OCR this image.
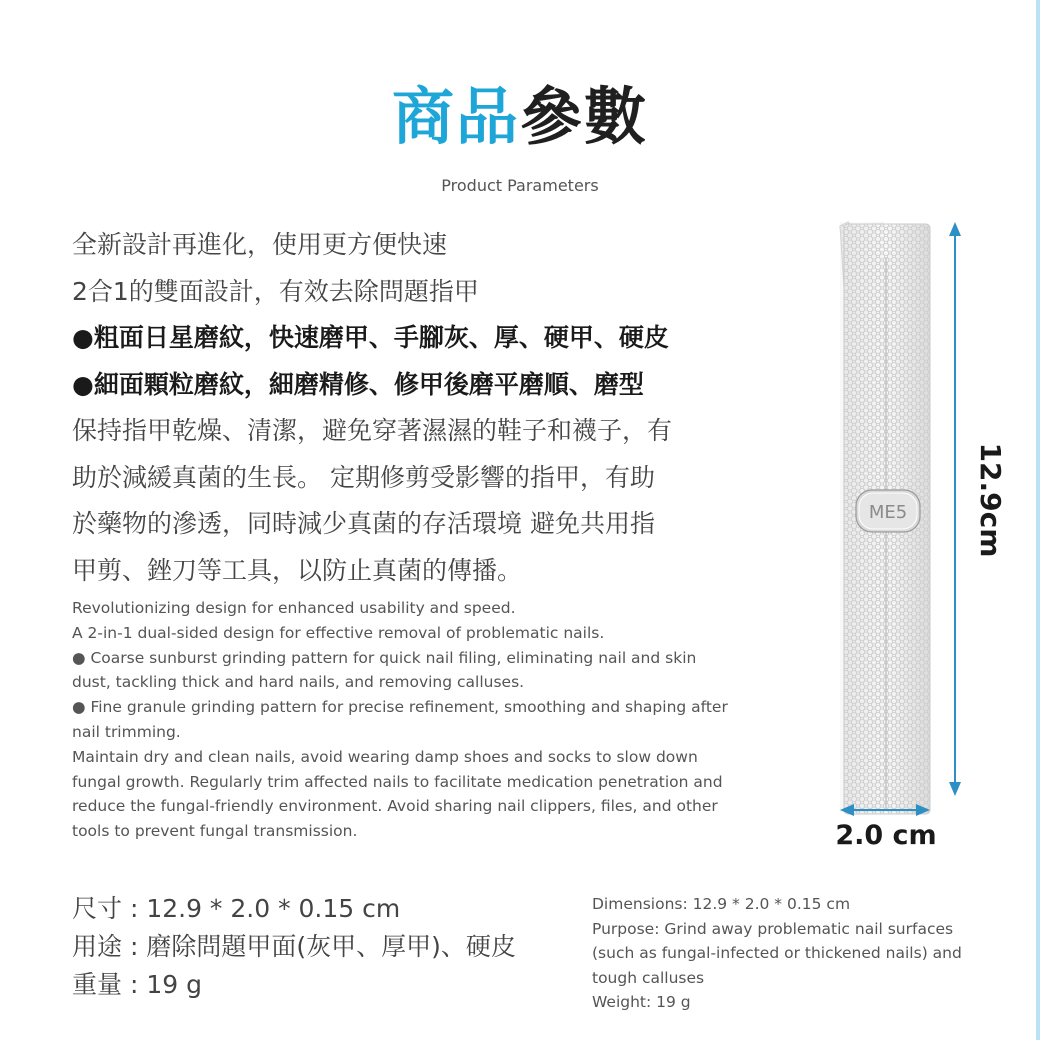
商品參數
Product Parameters
全新設計再進化，使用更方便快速
2合1的雙面設計，有效去除問題指甲
●粗面日星磨紋，快速磨甲、手腳灰、厚、硬甲、硬皮
●細面顆粒磨紋，細磨精修、修甲後磨平磨順、磨型
保持指甲乾燥、清潔，避免穿著濕濕的鞋子和襪子，有
助於減緩真菌的生長。 定期修剪受影響的指甲，有助
於藥物的滲透，同時減少真菌的存活環境 避免共用指
甲剪、銼刀等工具，以防止真菌的傳播。
Revolutionizing design for enhanced usability and speed.
A 2-in-1 dual-sided design for effective removal of problematic nails.
● Coarse sunburst grinding pattern for quick nail filing, eliminating nail and skin
dust, tackling thick and hard nails, and removing calluses.
● Fine granule grinding pattern for precise refinement, smoothing and shaping after
nail trimming.
Maintain dry and clean nails, avoid wearing damp shoes and socks to slow down
fungal growth. Regularly trim affected nails to facilitate medication penetration and
reduce the fungal-friendly environment. Avoid sharing nail clippers, files, and other
tools to prevent fungal transmission.
ME5 12.9cm
2.0 cm
尺寸 : 12.9 * 2.0 * 0.15 cm
用途 : 磨除問題甲面(灰甲、厚甲)、硬皮
重量 : 19 g
Dimensions: 12.9 * 2.0 * 0.15 cm
Purpose: Grind away problematic nail surfaces
(such as fungal-infected or thickened nails) and
tough calluses
Weight: 19 g
